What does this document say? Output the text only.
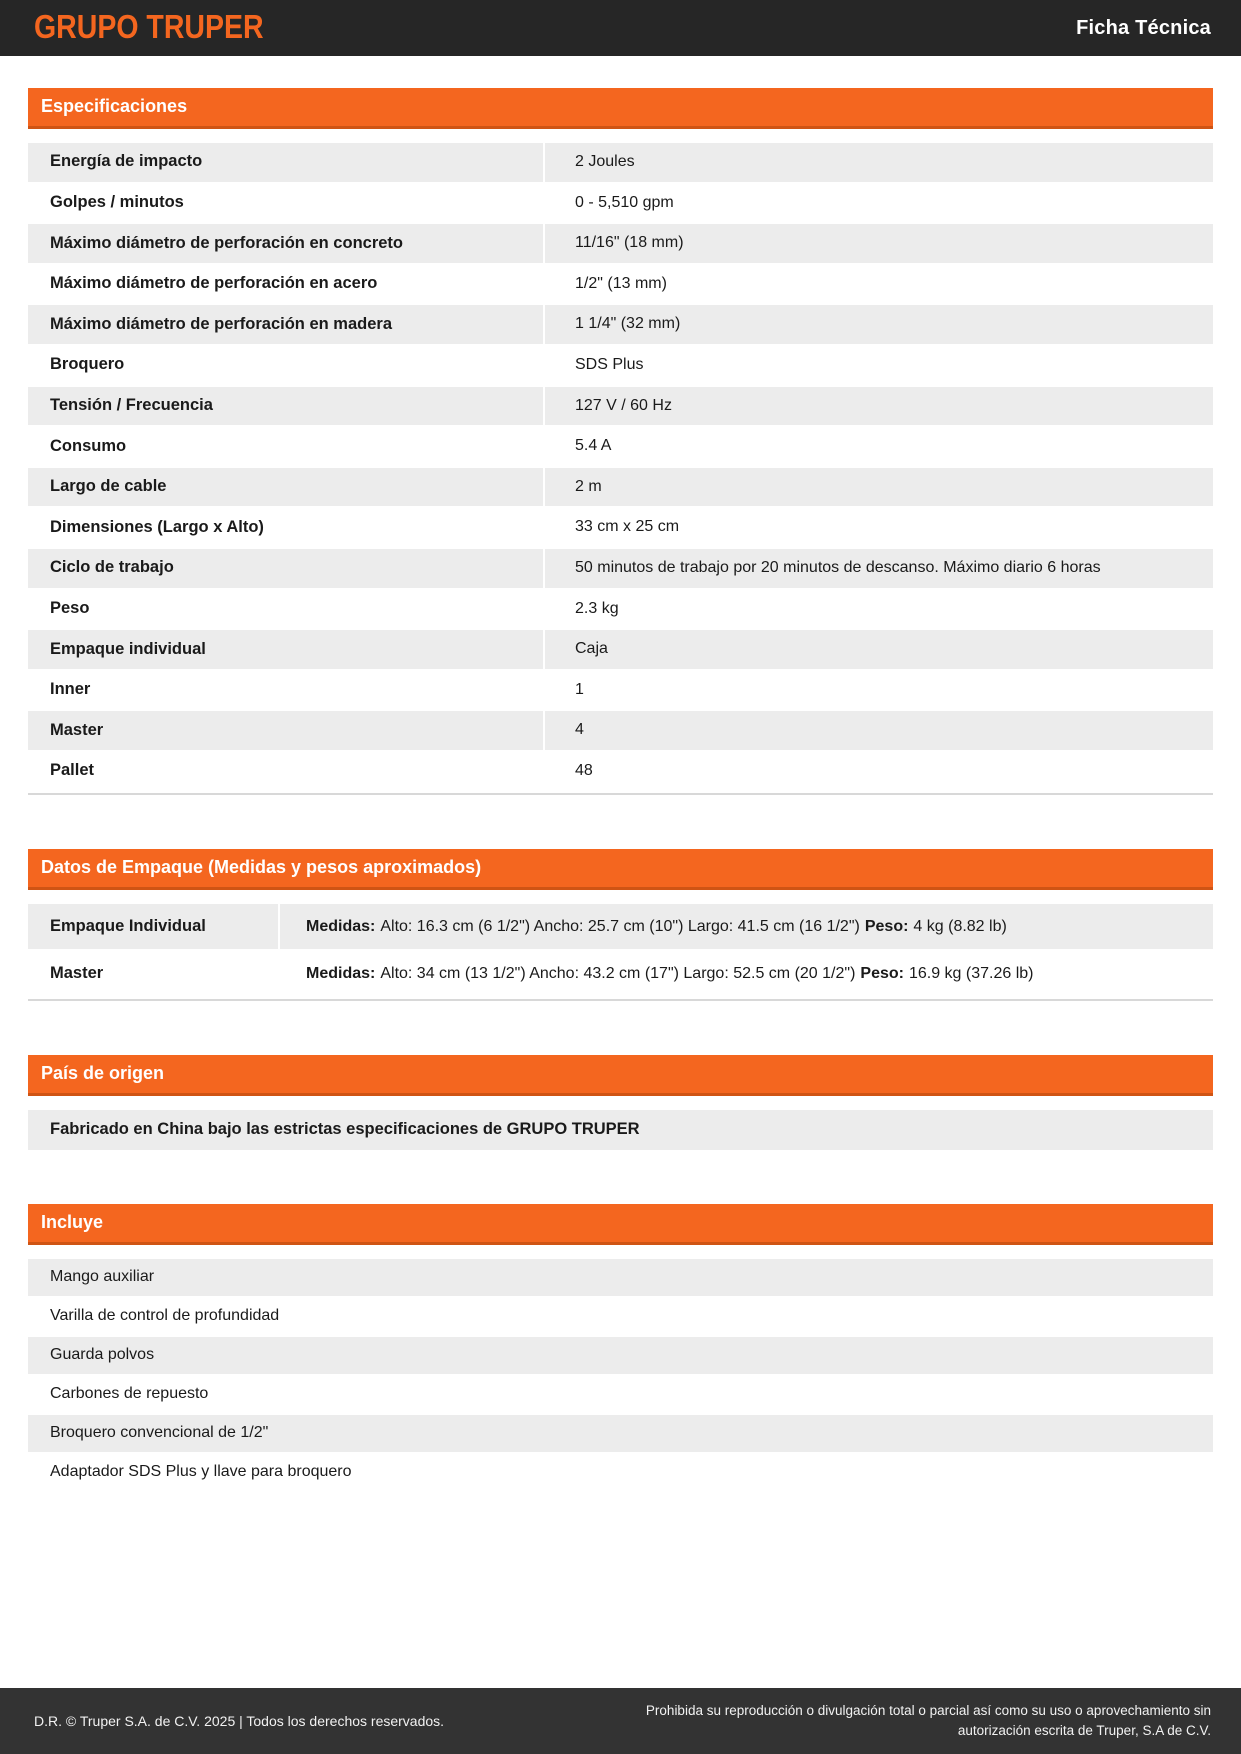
GRUPO TRUPER	Ficha Técnica
Especificaciones
Energía de impacto	2 Joules
Golpes / minutos	0 - 5,510 gpm
Máximo diámetro de perforación en concreto	11/16" (18 mm)
Máximo diámetro de perforación en acero	1/2" (13 mm)
Máximo diámetro de perforación en madera	1 1/4" (32 mm)
Broquero	SDS Plus
Tensión / Frecuencia	127 V / 60 Hz
Consumo	5.4 A
Largo de cable	2 m
Dimensiones (Largo x Alto)	33 cm x 25 cm
Ciclo de trabajo	50 minutos de trabajo por 20 minutos de descanso. Máximo diario 6 horas
Peso	2.3 kg
Empaque individual	Caja
Inner	1
Master	4
Pallet	48
Datos de Empaque (Medidas y pesos aproximados)
Empaque Individual	Medidas: Alto: 16.3 cm (6 1/2") Ancho: 25.7 cm (10") Largo: 41.5 cm (16 1/2") Peso: 4 kg (8.82 lb)
Master	Medidas: Alto: 34 cm (13 1/2") Ancho: 43.2 cm (17") Largo: 52.5 cm (20 1/2") Peso: 16.9 kg (37.26 lb)
País de origen
Fabricado en China bajo las estrictas especificaciones de GRUPO TRUPER
Incluye
Mango auxiliar
Varilla de control de profundidad
Guarda polvos
Carbones de repuesto
Broquero convencional de 1/2"
Adaptador SDS Plus y llave para broquero
D.R. © Truper S.A. de C.V. 2025 | Todos los derechos reservados.
Prohibida su reproducción o divulgación total o parcial así como su uso o aprovechamiento sin autorización escrita de Truper, S.A de C.V.
